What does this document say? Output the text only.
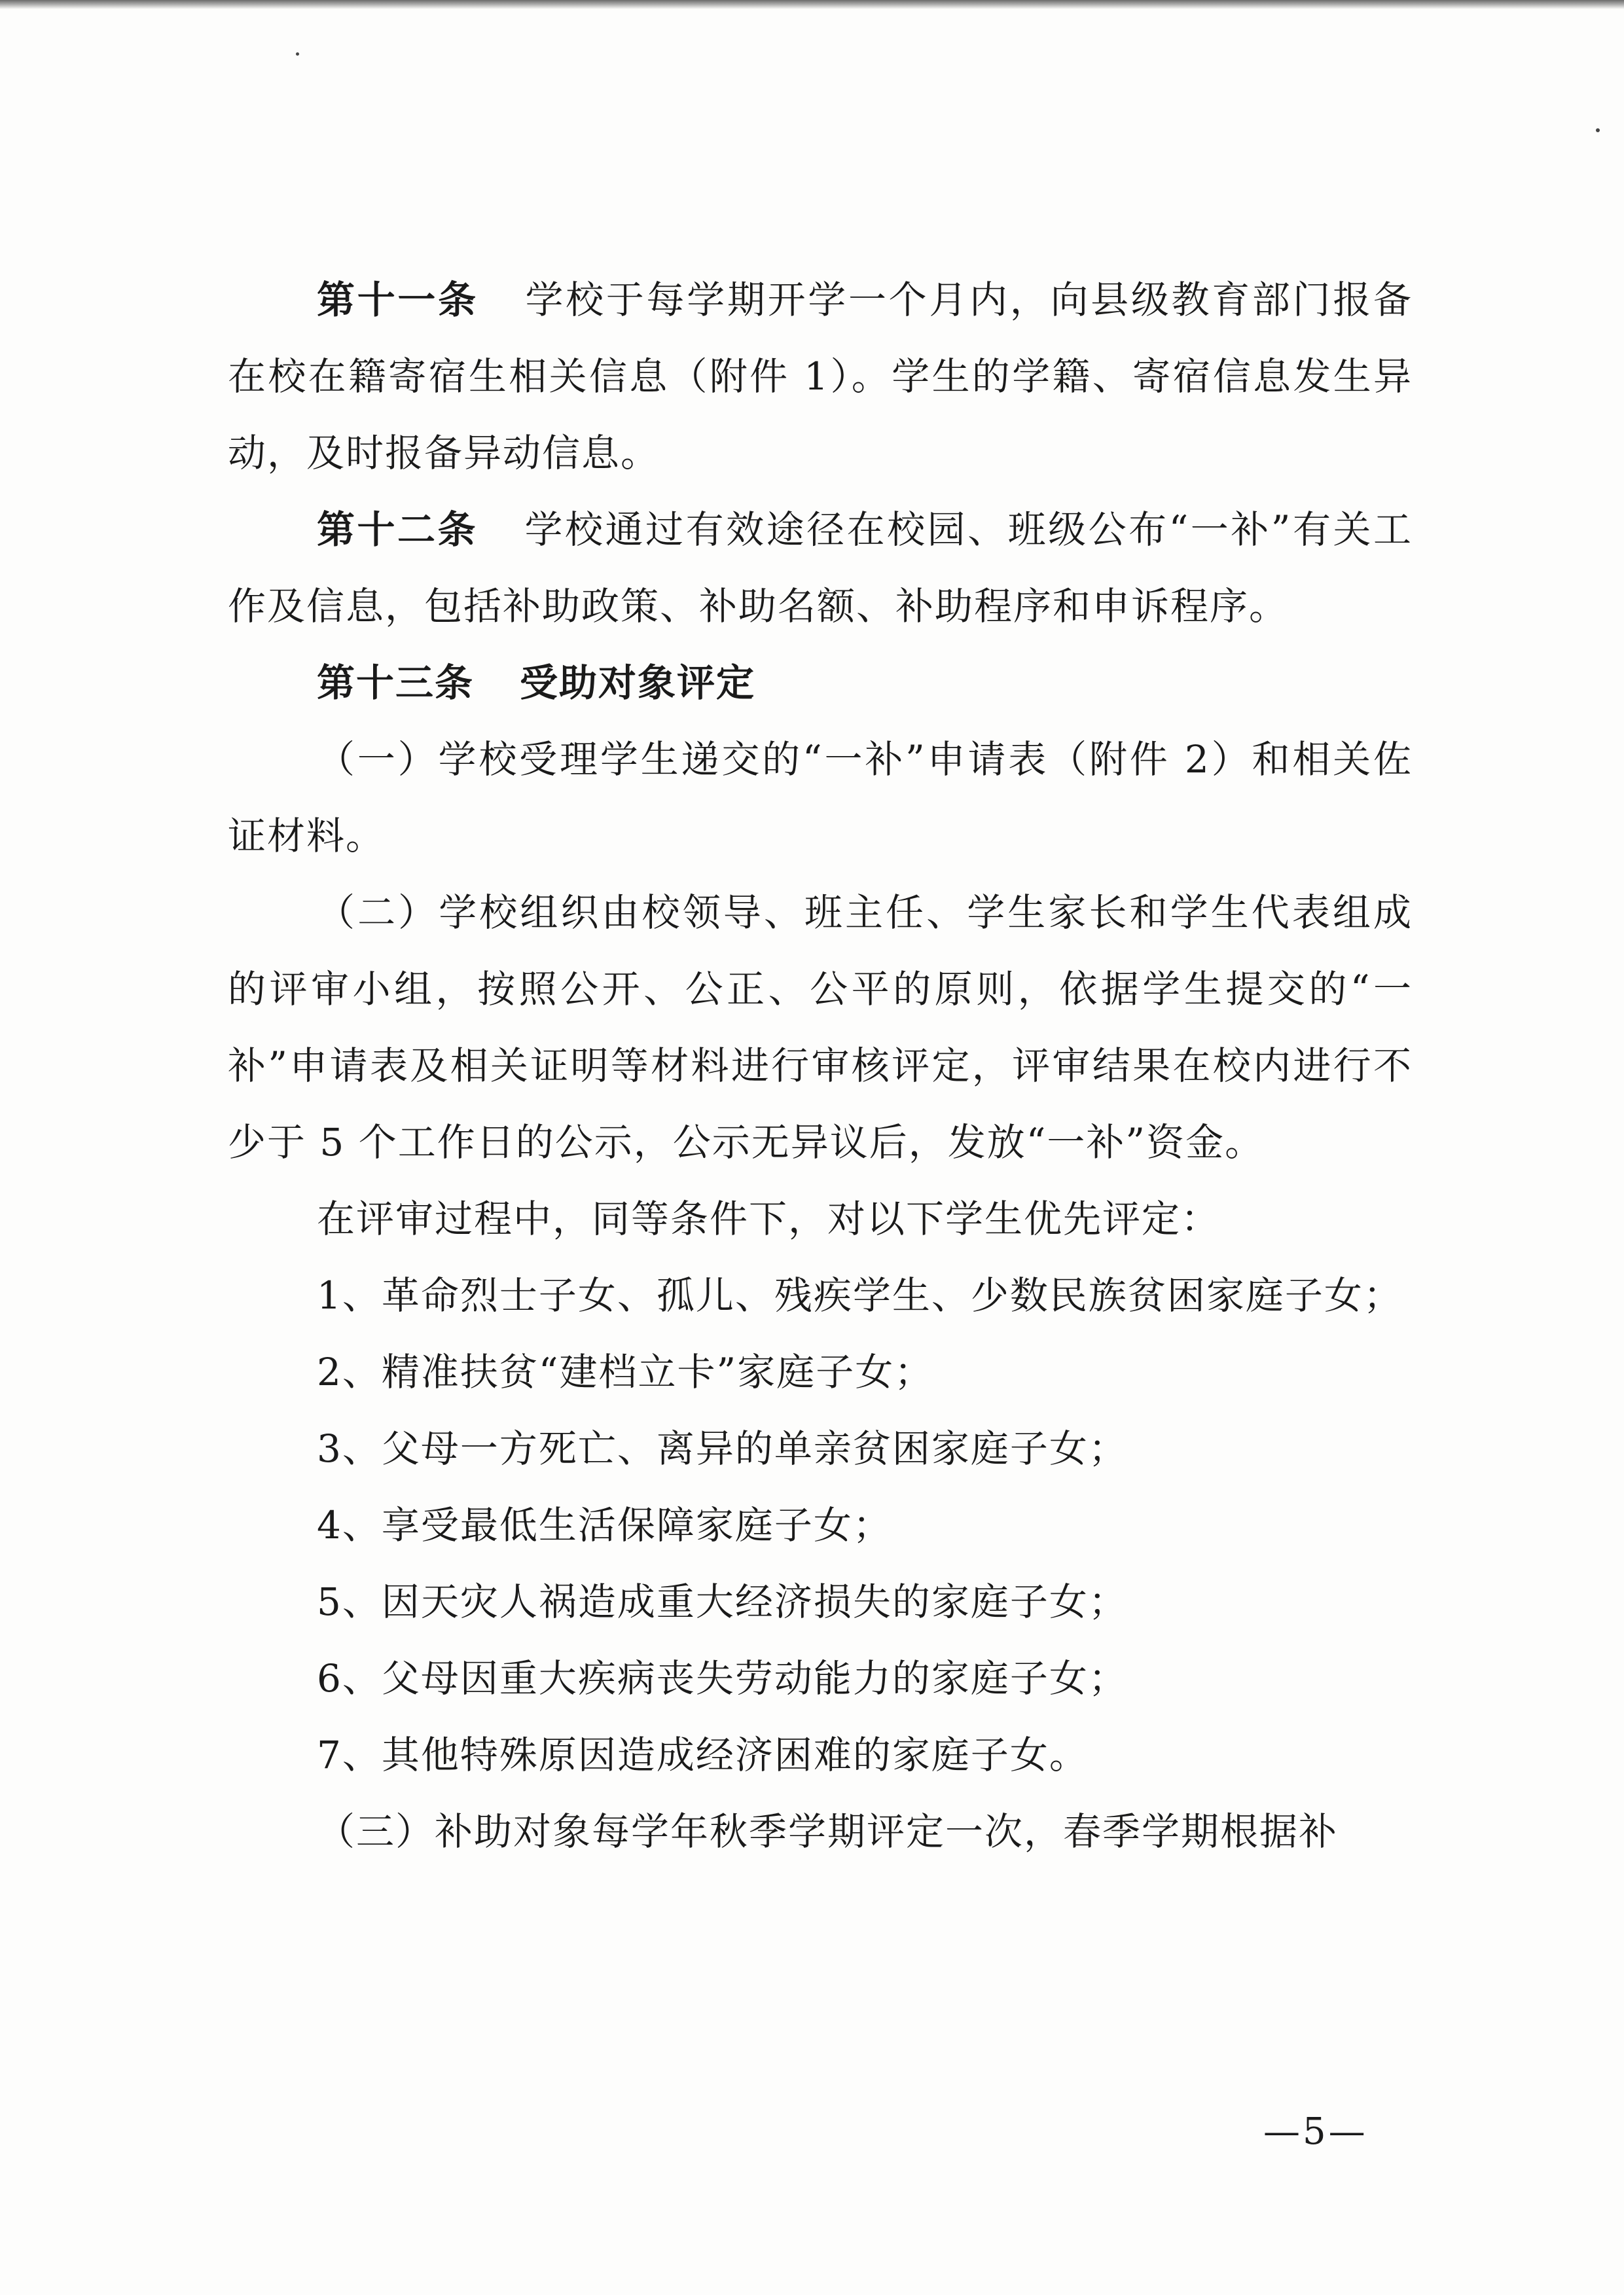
第十一条 学校于每学期开学一个月内，向县级教育部门报备在校在籍寄宿生相关信息（附件 1）。学生的学籍、寄宿信息发生异动，及时报备异动信息。

第十二条 学校通过有效途径在校园、班级公布“一补”有关工作及信息，包括补助政策、补助名额、补助程序和申诉程序。

第十三条 受助对象评定

（一）学校受理学生递交的“一补”申请表（附件 2）和相关佐证材料。

（二）学校组织由校领导、班主任、学生家长和学生代表组成的评审小组，按照公开、公正、公平的原则，依据学生提交的“一补”申请表及相关证明等材料进行审核评定，评审结果在校内进行不少于 5 个工作日的公示，公示无异议后，发放“一补”资金。

在评审过程中，同等条件下，对以下学生优先评定：

1、革命烈士子女、孤儿、残疾学生、少数民族贫困家庭子女；

2、精准扶贫“建档立卡”家庭子女；

3、父母一方死亡、离异的单亲贫困家庭子女；

4、享受最低生活保障家庭子女；

5、因天灾人祸造成重大经济损失的家庭子女；

6、父母因重大疾病丧失劳动能力的家庭子女；

7、其他特殊原因造成经济困难的家庭子女。

（三）补助对象每学年秋季学期评定一次，春季学期根据补

—5—
